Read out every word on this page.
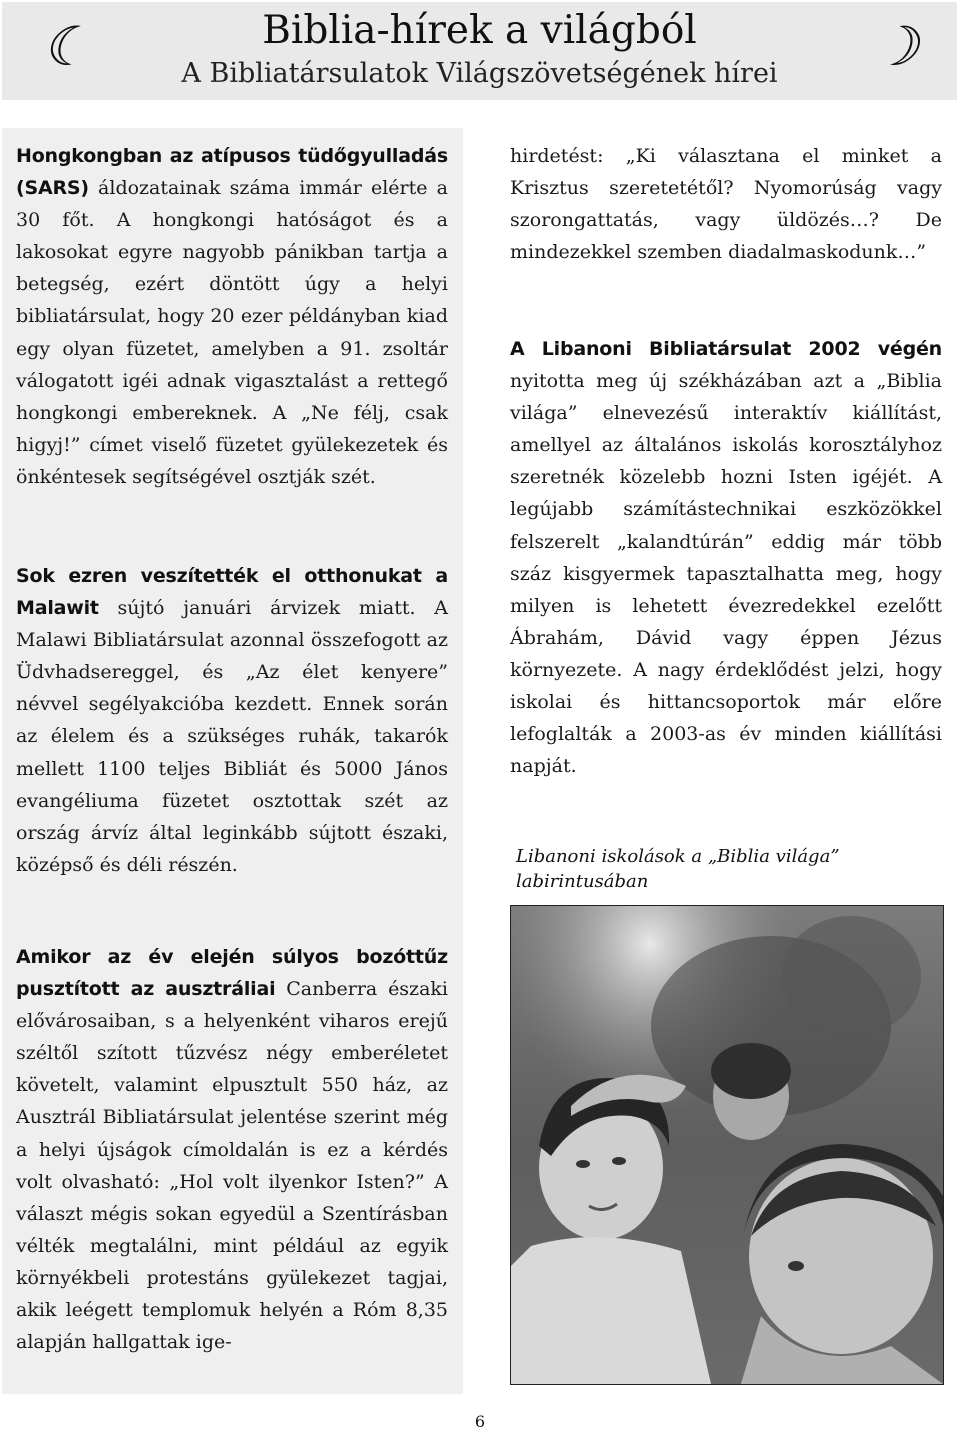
☾	Biblia-hírek a világból
A Bibliatársulatok Világszövetségének hírei	☽

Hongkongban az atípusos tüdőgyulladás (SARS) áldozatainak száma immár elérte a 30 főt. A hongkongi hatóságot és a lakosokat egyre nagyobb pánikban tartja a betegség, ezért döntött úgy a helyi bibliatársulat, hogy 20 ezer példányban kiad egy olyan füzetet, amelyben a 91. zsoltár válogatott igéi adnak vigasztalást a rettegő hongkongi embereknek. A „Ne félj, csak higyj!” címet viselő füzetet gyülekezetek és önkéntesek segítségével osztják szét.

Sok ezren veszítették el otthonukat a Malawit sújtó januári árvizek miatt. A Malawi Bibliatársulat azonnal összefogott az Üdvhadsereggel, és „Az élet kenyere” névvel segélyakcióba kezdett. Ennek során az élelem és a szükséges ruhák, takarók mellett 1100 teljes Bibliát és 5000 János evangéliuma füzetet osztottak szét az ország árvíz által leginkább sújtott északi, középső és déli részén.

Amikor az év elején súlyos bozóttűz pusztított az ausztráliai Canberra északi elővárosaiban, s a helyenként viharos erejű széltől szított tűzvész négy emberéletet követelt, valamint elpusztult 550 ház, az Ausztrál Bibliatársulat jelentése szerint még a helyi újságok címoldalán is ez a kérdés volt olvasható: „Hol volt ilyenkor Isten?” A választ mégis sokan egyedül a Szentírásban vélték megtalálni, mint például az egyik környékbeli protestáns gyülekezet tagjai, akik leégett templomuk helyén a Róm 8,35 alapján hallgattak ige-

hirdetést: „Ki választana el minket a Krisztus szeretetétől? Nyomorúság vagy szorongattatás, vagy üldözés…? De mindezekkel szemben diadalmaskodunk…”

A Libanoni Bibliatársulat 2002 végén nyitotta meg új székházában azt a „Biblia világa” elnevezésű interaktív kiállítást, amellyel az általános iskolás korosztályhoz szeretnék közelebb hozni Isten igéjét. A legújabb számítástechnikai eszközökkel felszerelt „kalandtúrán” eddig már több száz kisgyermek tapasztalhatta meg, hogy milyen is lehetett évezredekkel ezelőtt Ábrahám, Dávid vagy éppen Jézus környezete. A nagy érdeklődést jelzi, hogy iskolai és hittancsoportok már előre lefoglalták a 2003-as év minden kiállítási napját.

Libanoni iskolások a „Biblia világa” labirintusában
6
